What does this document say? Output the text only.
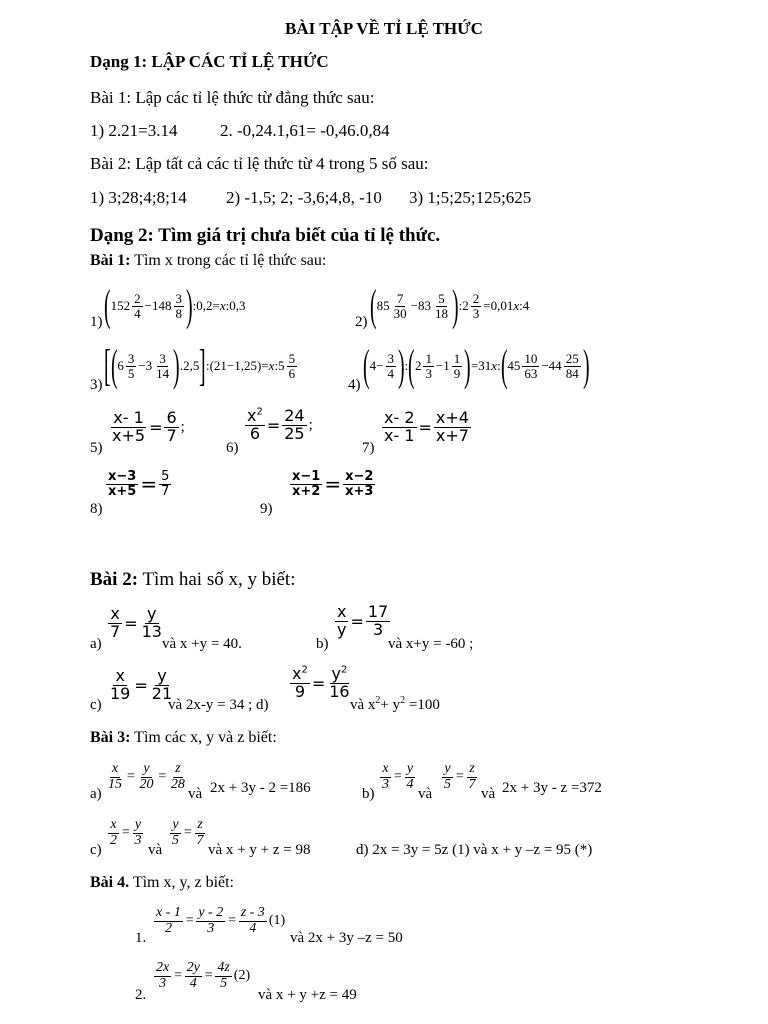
BÀI TẬP VỀ TỈ LỆ THỨC
Dạng 1: LẬP CÁC TỈ LỆ THỨC
Bài 1: Lập các tỉ lệ thức từ đẳng thức sau:
1) 2.21=3.14	2. -0,24.1,61= -0,46.0,84
Bài 2: Lập tất cả các tỉ lệ thức từ 4 trong 5 số sau:
1) 3;28;4;8;14 2) -1,5; 2; -3,6;4,8, -10 3) 1;5;25;125;625
Dạng 2: Tìm giá trị chưa biết của tỉ lệ thức.
Bài 1: Tìm x trong các tỉ lệ thức sau:
1) ( $152 \frac{2}{4} -148 \frac{3}{8}$ ) :0,2= x :0,3
2) ( $85 \frac{7}{30} -83 \frac{5}{18}$ ) :2 $\frac{2}{3} =0,01$ x :4
3) [ ( $6 \frac{3}{5} -3 \frac{3}{14}$ ) .2,5 ] :(21−1,25)= x :5 $\frac{5}{6}$
4) ( $4- \frac{3}{4}$ ) : ( $2 \frac{1}{3} -1 \frac{1}{9}$ ) =31 x : ( $45 \frac{10}{63} -44 \frac{25}{84}$ )
5)
$\frac{x- 1}{x+5} = \frac{6}{7}$ ;
6)
$\frac{x^2}{6} = \frac{24}{25}$ ;
7)
$\frac{x- 2}{x- 1} = \frac{x+4}{x+7}$
8)
$\frac{x-3}{x+5} = \frac{5}{7}$
9)
$\frac{x-1}{x+2} = \frac{x-2}{x+3}$
Bài 2: Tìm hai số x, y biết:
a)
$\frac{x}{7} = \frac{y}{13}$
và x +y = 40.	b)
$\frac{x}{y} = \frac{17}{3}$
và x+y = -60 ;
c)
$\frac{x}{19} = \frac{y}{21}$
và 2x-y = 34 ; d)
$\frac{x^2}{9} = \frac{y^2}{16}$
và $x^2+ y^2 =100$
Bài 3: Tìm các x, y và z biết:
a)
$\frac{x}{15} = \frac{y}{20} = \frac{z}{28}$
và 2x + 3y - 2 =186	b)
$\frac{x}{3} = \frac{y}{4}$
và
$\frac{y}{5} = \frac{z}{7}$
và 2x + 3y - z =372
c)
$\frac{x}{2} = \frac{y}{3}$
và
$\frac{y}{5} = \frac{z}{7}$
và x + y + z = 98	d) 2x = 3y = 5z (1) và x + y –z = 95 (*)
Bài 4. Tìm x, y, z biết:
1.
$\frac{x - 1}{2} = \frac{y - 2}{3} = \frac{z - 3}{4} (1)$
và 2x + 3y –z = 50
2.
$\frac{2x}{3} = \frac{2y}{4} = \frac{4z}{5} (2)$
và x + y +z = 49
